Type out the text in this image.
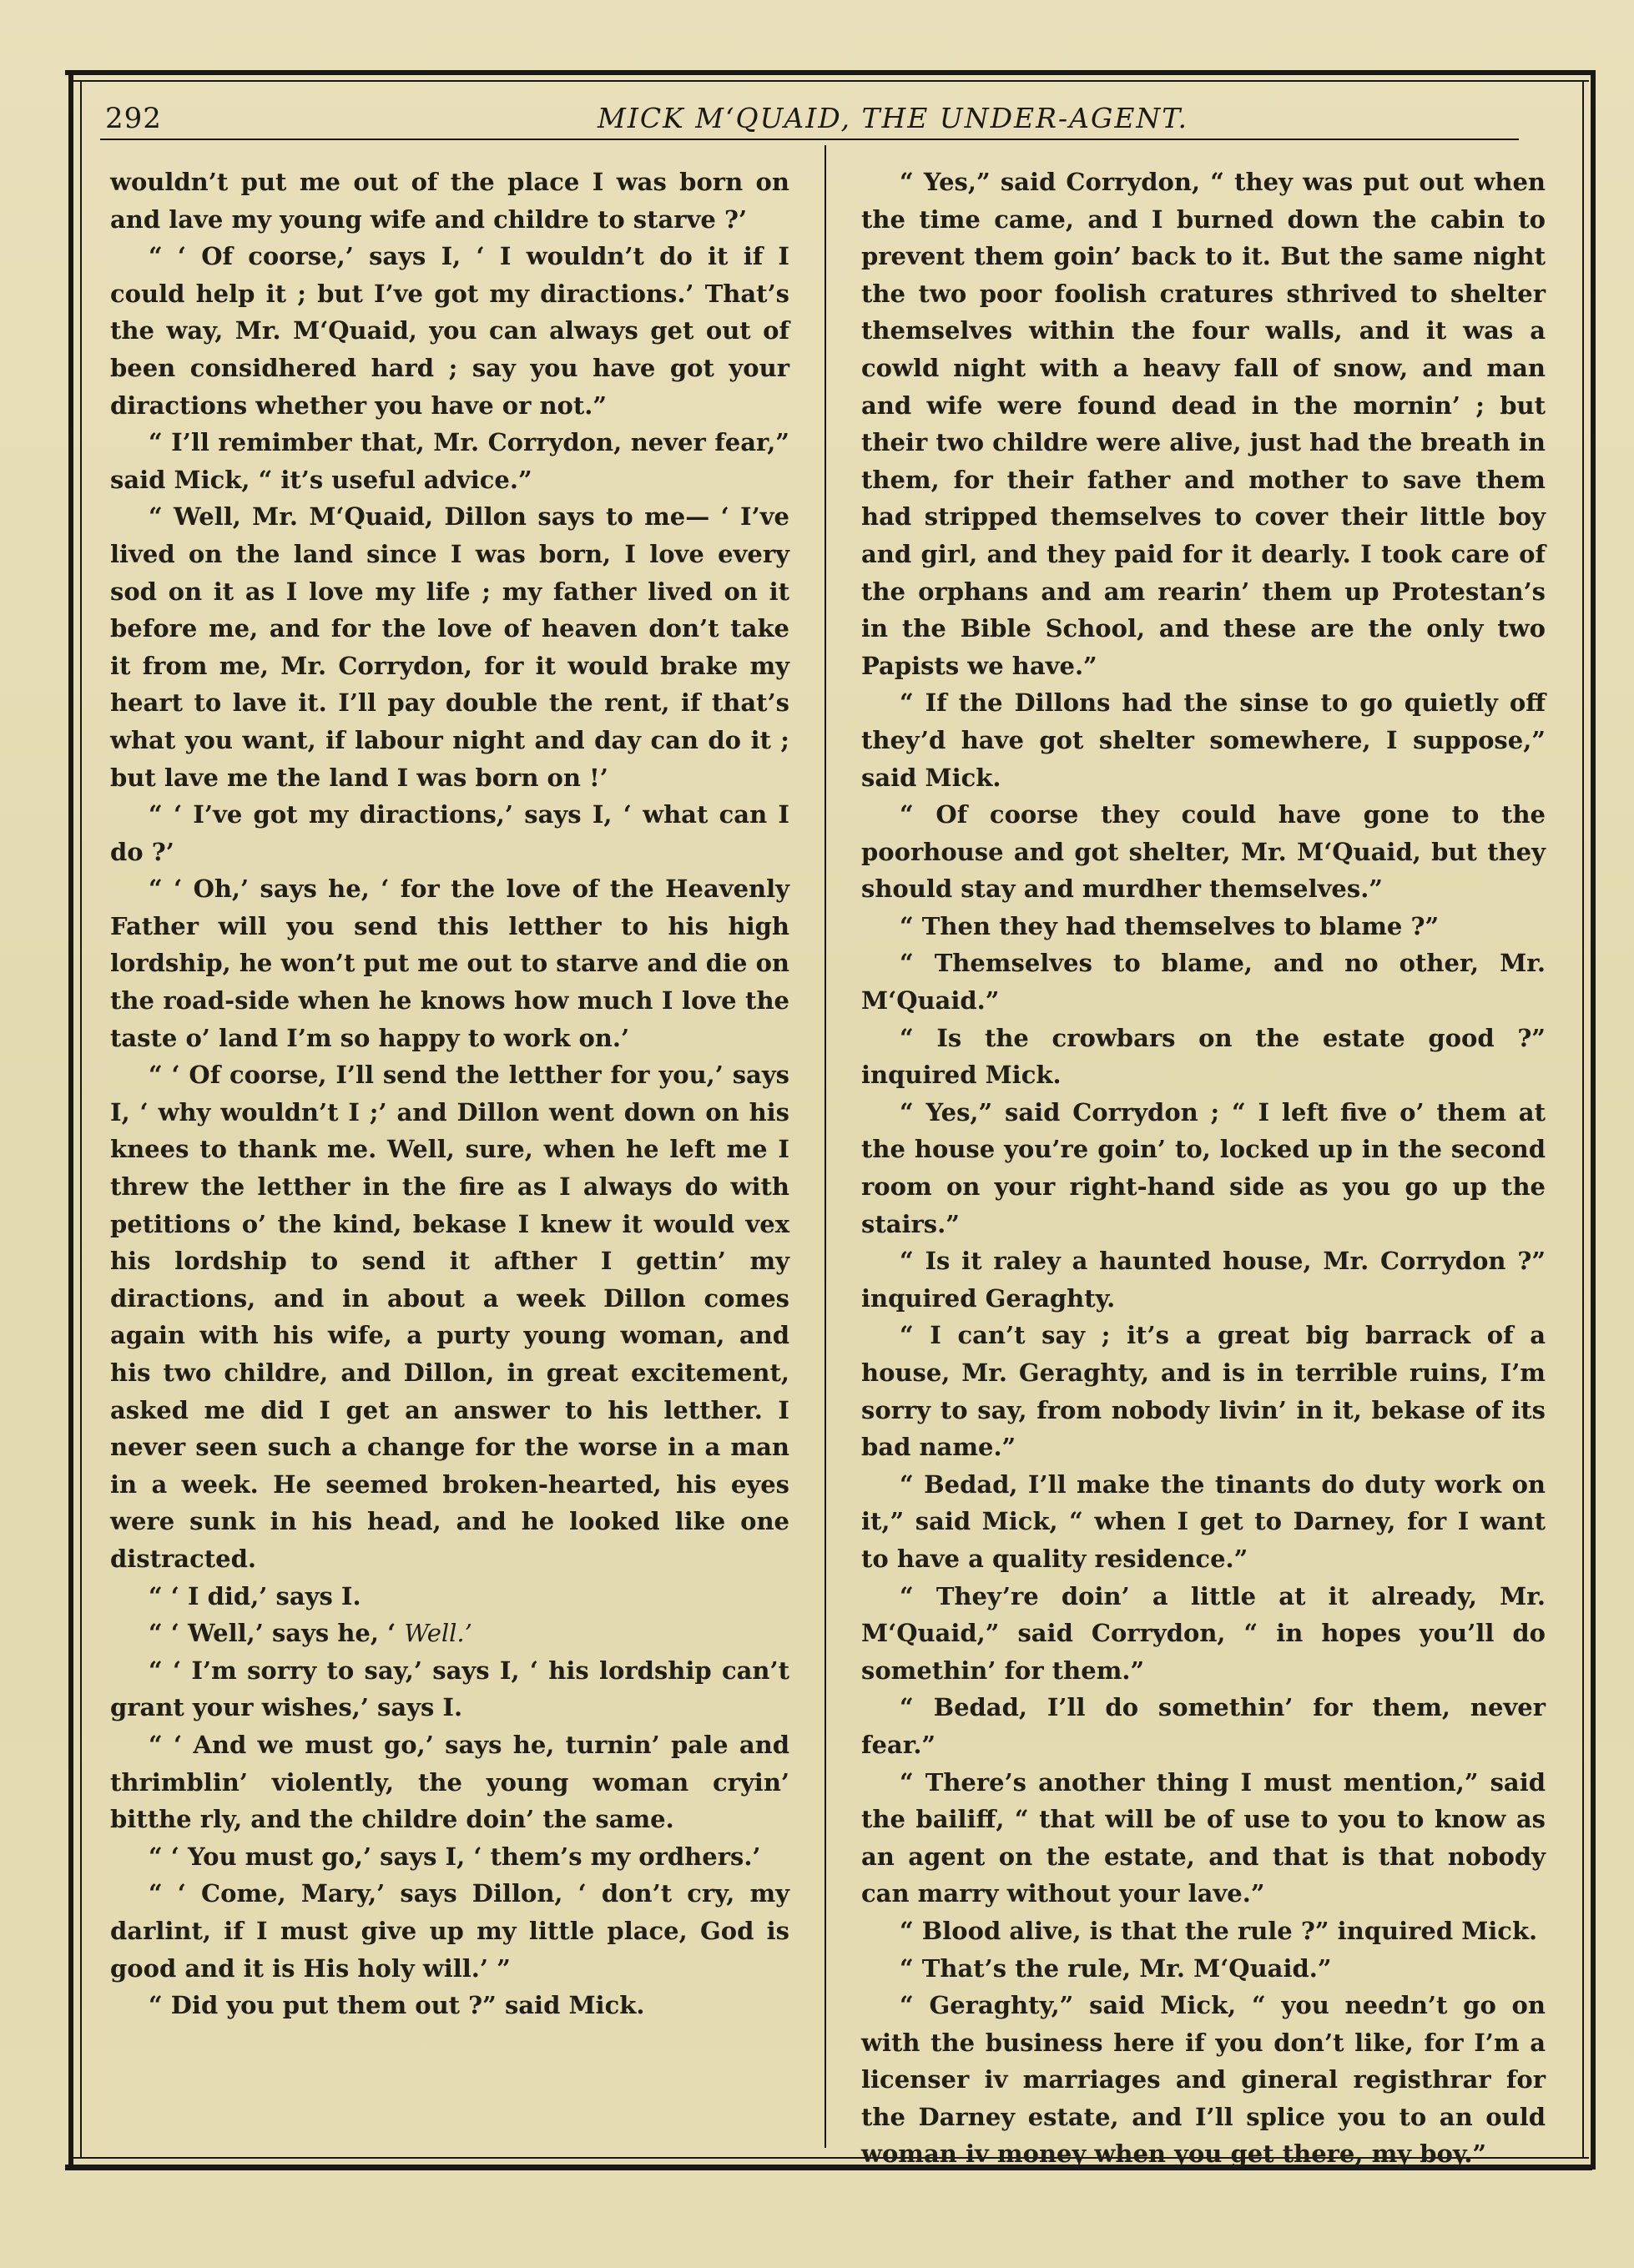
292	MICK M‘QUAID, THE UNDER-AGENT.

wouldn’t put me out of the place I was born on and lave my young wife and childre to starve ?’

“ ‘ Of coorse,’ says I, ‘ I wouldn’t do it if I could help it ; but I’ve got my diractions.’ That’s the way, Mr. M‘Quaid, you can always get out of been considhered hard ; say you have got your diractions whether you have or not.”

“ I’ll remimber that, Mr. Corrydon, never fear,” said Mick, “ it’s useful advice.”

“ Well, Mr. M‘Quaid, Dillon says to me— ‘ I’ve lived on the land since I was born, I love every sod on it as I love my life ; my father lived on it before me, and for the love of heaven don’t take it from me, Mr. Corrydon, for it would brake my heart to lave it. I’ll pay double the rent, if that’s what you want, if labour night and day can do it ; but lave me the land I was born on !’

“ ‘ I’ve got my diractions,’ says I, ‘ what can I do ?’

“ ‘ Oh,’ says he, ‘ for the love of the Heavenly Father will you send this letther to his high lordship, he won’t put me out to starve and die on the road-side when he knows how much I love the taste o’ land I’m so happy to work on.’

“ ‘ Of coorse, I’ll send the letther for you,’ says I, ‘ why wouldn’t I ;’ and Dillon went down on his knees to thank me. Well, sure, when he left me I threw the letther in the fire as I always do with petitions o’ the kind, bekase I knew it would vex his lordship to send it afther I gettin’ my diractions, and in about a week Dillon comes again with his wife, a purty young woman, and his two childre, and Dillon, in great excitement, asked me did I get an answer to his letther. I never seen such a change for the worse in a man in a week. He seemed broken-hearted, his eyes were sunk in his head, and he looked like one distracted.

“ ‘ I did,’ says I.

“ ‘ Well,’ says he, ‘ Well.’

“ ‘ I’m sorry to say,’ says I, ‘ his lordship can’t grant your wishes,’ says I.

“ ‘ And we must go,’ says he, turnin’ pale and thrimblin’ violently, the young woman cryin’ bitthe rly, and the childre doin’ the same.

“ ‘ You must go,’ says I, ‘ them’s my ordhers.’

“ ‘ Come, Mary,’ says Dillon, ‘ don’t cry, my darlint, if I must give up my little place, God is good and it is His holy will.’ ”

“ Did you put them out ?” said Mick.

“ Yes,” said Corrydon, “ they was put out when the time came, and I burned down the cabin to prevent them goin’ back to it. But the same night the two poor foolish cratures sthrived to shelter themselves within the four walls, and it was a cowld night with a heavy fall of snow, and man and wife were found dead in the mornin’ ; but their two childre were alive, just had the breath in them, for their father and mother to save them had stripped themselves to cover their little boy and girl, and they paid for it dearly. I took care of the orphans and am rearin’ them up Protestan’s in the Bible School, and these are the only two Papists we have.”

“ If the Dillons had the sinse to go quietly off they’d have got shelter somewhere, I suppose,” said Mick.

“ Of coorse they could have gone to the poorhouse and got shelter, Mr. M‘Quaid, but they should stay and murdher themselves.”

“ Then they had themselves to blame ?”

“ Themselves to blame, and no other, Mr. M‘Quaid.”

“ Is the crowbars on the estate good ?” inquired Mick.

“ Yes,” said Corrydon ; “ I left five o’ them at the house you’re goin’ to, locked up in the second room on your right-hand side as you go up the stairs.”

“ Is it raley a haunted house, Mr. Corrydon ?” inquired Geraghty.

“ I can’t say ; it’s a great big barrack of a house, Mr. Geraghty, and is in terrible ruins, I’m sorry to say, from nobody livin’ in it, bekase of its bad name.”

“ Bedad, I’ll make the tinants do duty work on it,” said Mick, “ when I get to Darney, for I want to have a quality residence.”

“ They’re doin’ a little at it already, Mr. M‘Quaid,” said Corrydon, “ in hopes you’ll do somethin’ for them.”

“ Bedad, I’ll do somethin’ for them, never fear.”

“ There’s another thing I must mention,” said the bailiff, “ that will be of use to you to know as an agent on the estate, and that is that nobody can marry without your lave.”

“ Blood alive, is that the rule ?” inquired Mick.

“ That’s the rule, Mr. M‘Quaid.”

“ Geraghty,” said Mick, “ you needn’t go on with the business here if you don’t like, for I’m a licenser iv marriages and gineral registhrar for the Darney estate, and I’ll splice you to an ould woman iv money when you get there, my boy.”
